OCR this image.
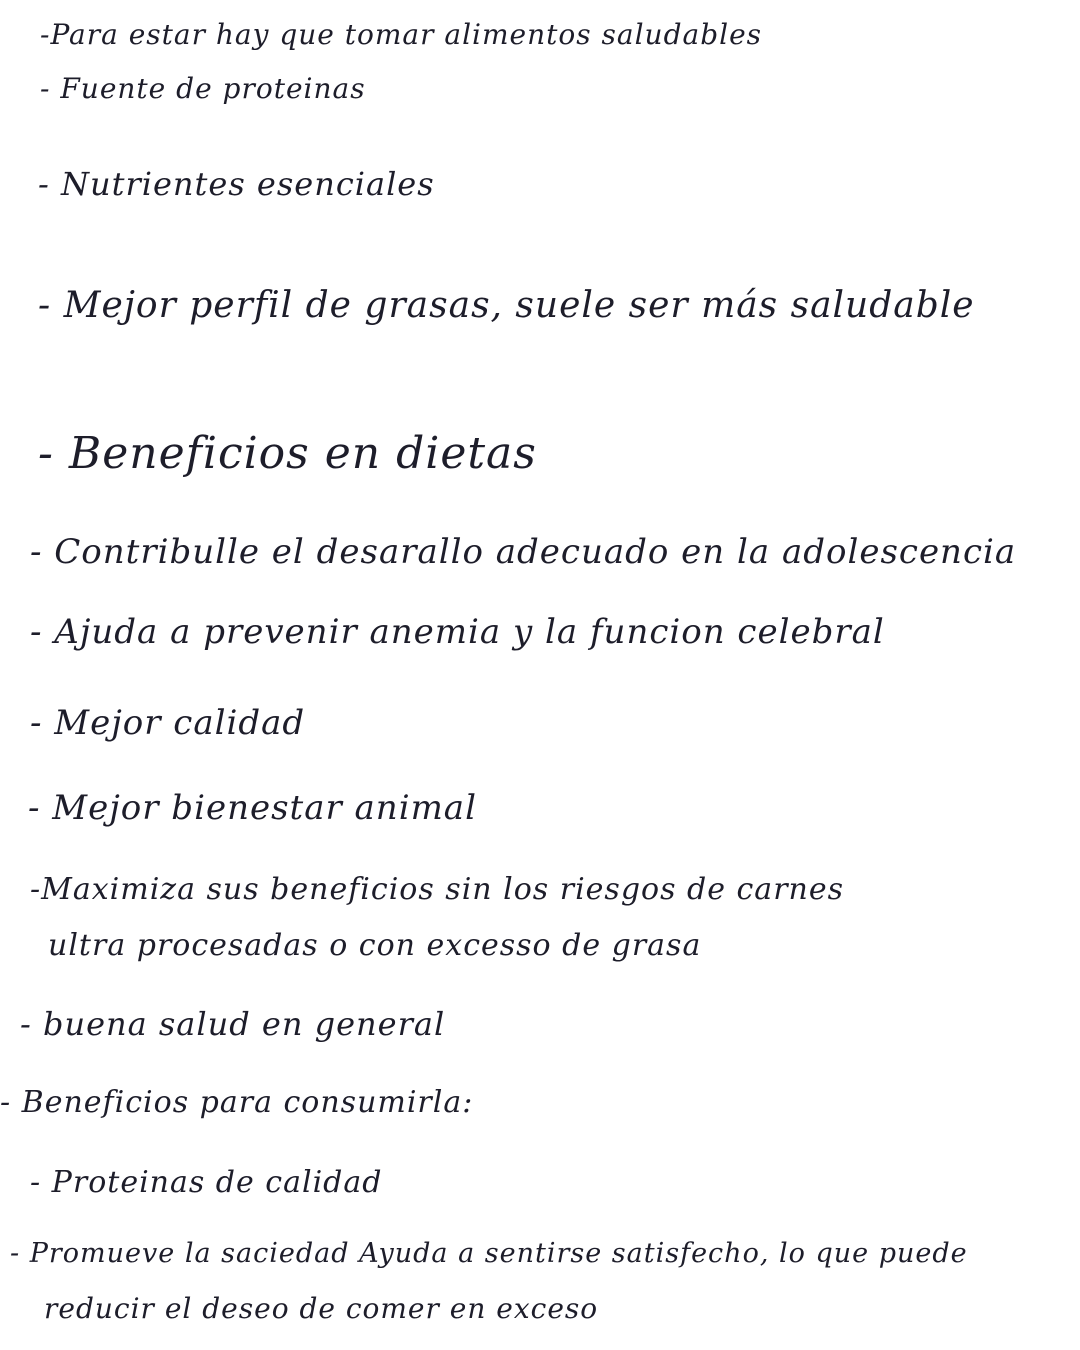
-Para estar hay que tomar alimentos saludables
- Fuente de proteinas
- Nutrientes esenciales
- Mejor perfil de grasas, suele ser más saludable
- Beneficios en dietas
- Contribulle el desarallo adecuado en la adolescencia
- Ajuda a prevenir anemia y la funcion celebral
- Mejor calidad
- Mejor bienestar animal
-Maximiza sus beneficios sin los riesgos de carnes
ultra procesadas o con excesso de grasa
- buena salud en general
- Beneficios para consumirla:
- Proteinas de calidad
- Promueve la saciedad Ayuda a sentirse satisfecho, lo que puede
reducir el deseo de comer en exceso
